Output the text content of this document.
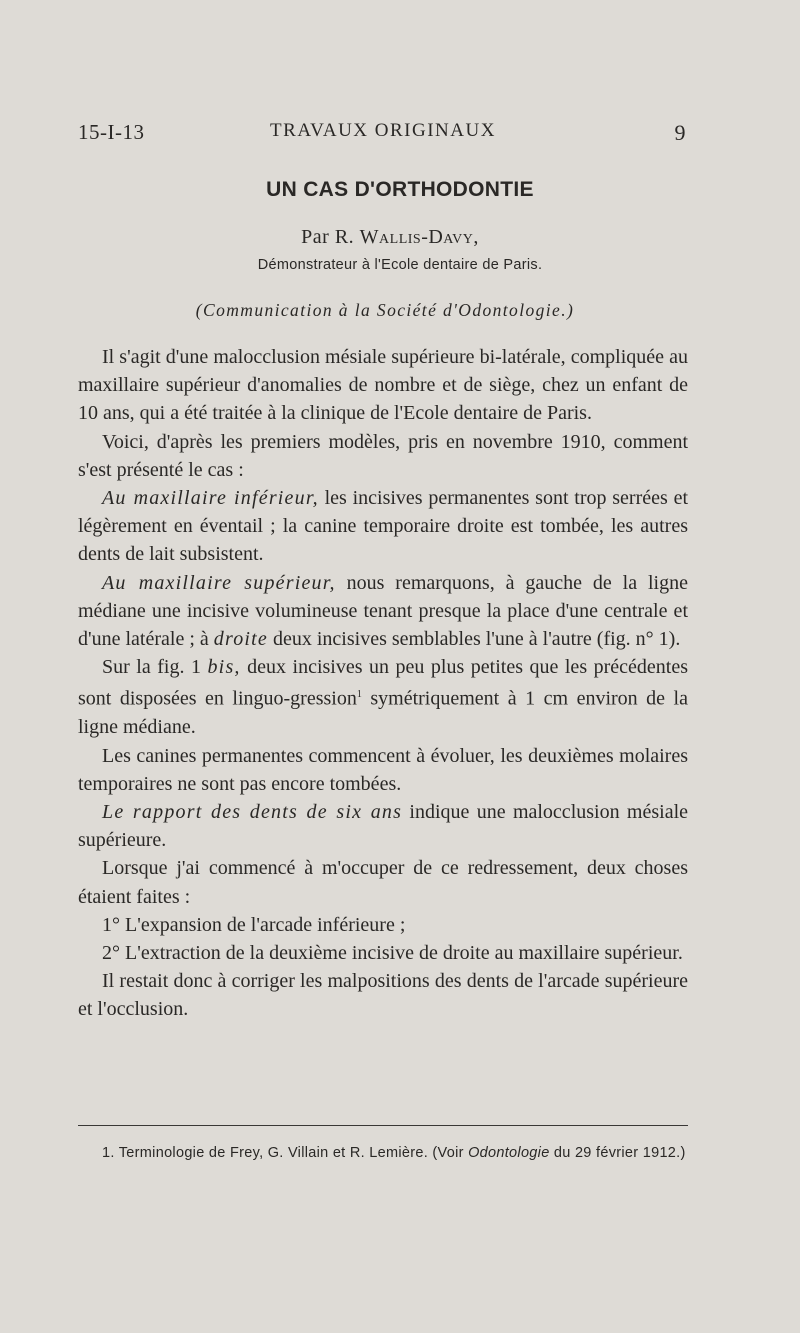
15-I-13	TRAVAUX ORIGINAUX	9
UN CAS D'ORTHODONTIE
Par R. Wallis-Davy,
Démonstrateur à l'Ecole dentaire de Paris.
(Communication à la Société d'Odontologie.)

Il s'agit d'une malocclusion mésiale supérieure bi-latérale, compliquée au maxillaire supérieur d'anomalies de nombre et de siège, chez un enfant de 10 ans, qui a été traitée à la clinique de l'Ecole dentaire de Paris.

Voici, d'après les premiers modèles, pris en novembre 1910, comment s'est présenté le cas :

Au maxillaire inférieur, les incisives permanentes sont trop serrées et légèrement en éventail ; la canine temporaire droite est tombée, les autres dents de lait subsistent.

Au maxillaire supérieur, nous remarquons, à gauche de la ligne médiane une incisive volumineuse tenant presque la place d'une centrale et d'une latérale ; à droite deux incisives semblables l'une à l'autre (fig. n° 1).

Sur la fig. 1 bis, deux incisives un peu plus petites que les précédentes sont disposées en linguo-gression$^1$ symétriquement à 1 cm environ de la ligne médiane.

Les canines permanentes commencent à évoluer, les deuxièmes molaires temporaires ne sont pas encore tombées.

Le rapport des dents de six ans indique une malocclusion mésiale supérieure.

Lorsque j'ai commencé à m'occuper de ce redressement, deux choses étaient faites :

1° L'expansion de l'arcade inférieure ;

2° L'extraction de la deuxième incisive de droite au maxillaire supérieur.

Il restait donc à corriger les malpositions des dents de l'arcade supérieure et l'occlusion.

1. Terminologie de Frey, G. Villain et R. Lemière. (Voir Odontologie du 29 février 1912.)
